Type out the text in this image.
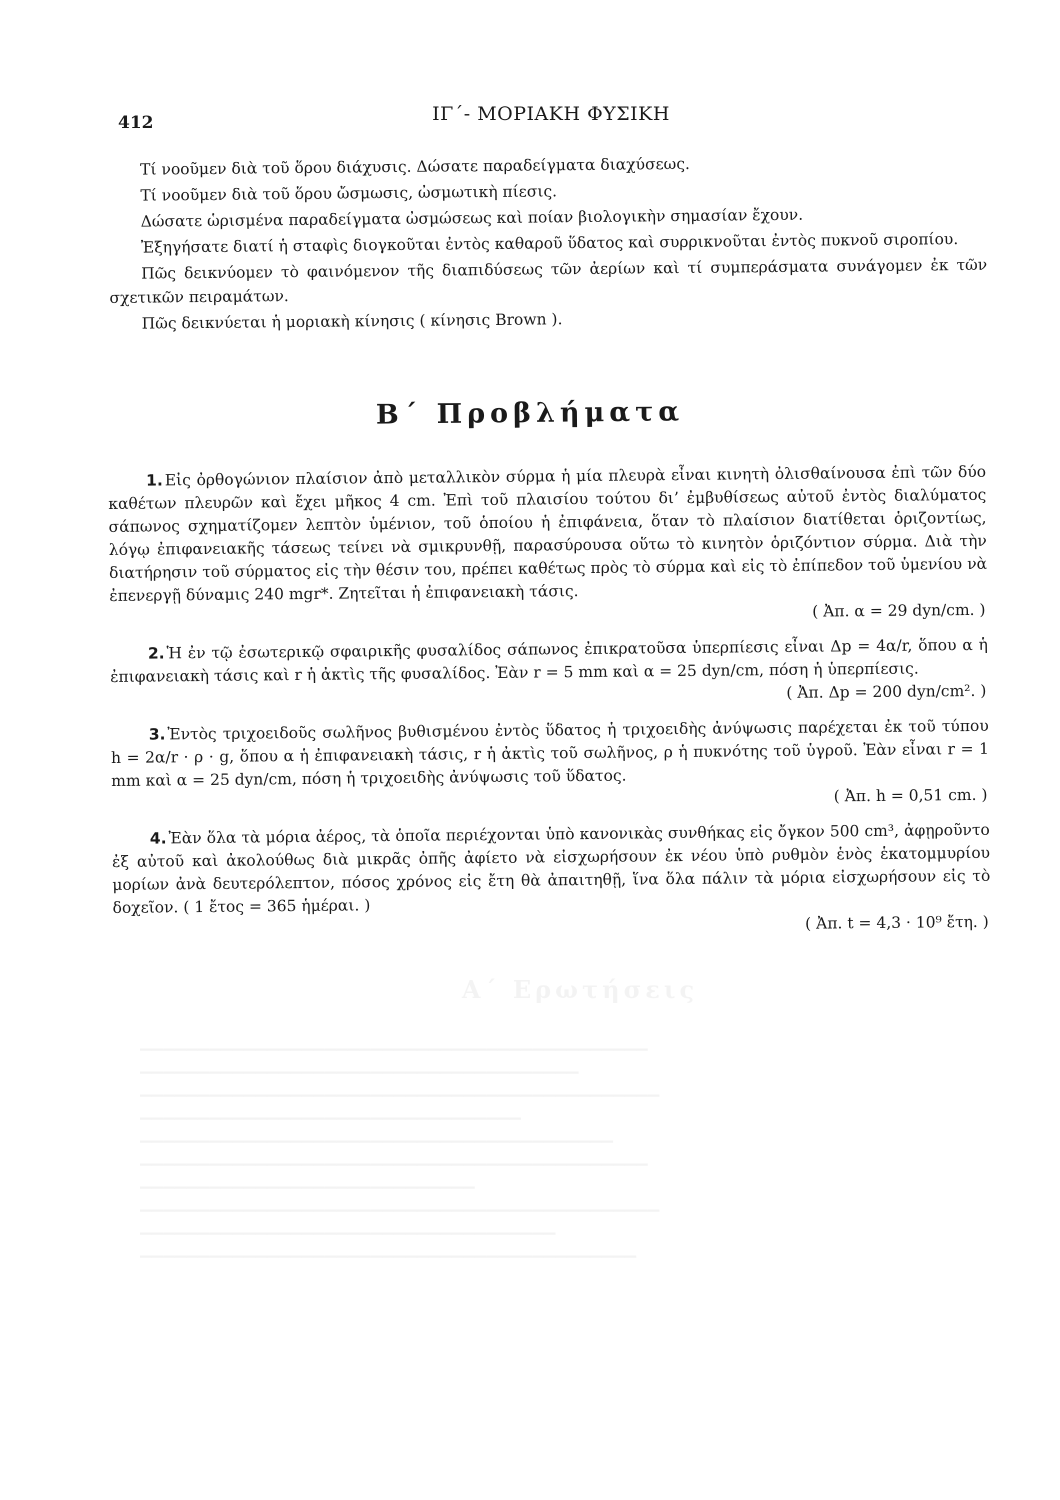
412	ΙΓ΄- ΜΟΡΙΑΚΗ ΦΥΣΙΚΗ

Τί νοοῦμεν διὰ τοῦ ὅρου διάχυσις. Δώσατε παραδείγματα διαχύσεως.

Τί νοοῦμεν διὰ τοῦ ὅρου ὤσμωσις, ὠσμωτικὴ πίεσις.

Δώσατε ὡρισμένα παραδείγματα ὠσμώσεως καὶ ποίαν βιολογικὴν σημασίαν ἔχουν.

Ἐξηγήσατε διατί ἡ σταφὶς διογκοῦται ἐντὸς καθαροῦ ὕδατος καὶ συρρικνοῦται ἐντὸς πυκνοῦ σιροπίου.

Πῶς δεικνύομεν τὸ φαινόμενον τῆς διαπιδύσεως τῶν ἀερίων καὶ τί συμπεράσματα συνάγομεν ἐκ τῶν σχετικῶν πειραμάτων.

Πῶς δεικνύεται ἡ μοριακὴ κίνησις ( κίνησις Brown ).

Β΄ Προβλήματα
1. Εἰς ὀρθογώνιον πλαίσιον ἀπὸ μεταλλικὸν σύρμα ἡ μία πλευρὰ εἶναι κινητὴ ὀλισθαίνουσα ἐπὶ τῶν δύο καθέτων πλευρῶν καὶ ἔχει μῆκος 4 cm. Ἐπὶ τοῦ πλαισίου τούτου δι’ ἐμβυθίσεως αὐτοῦ ἐντὸς διαλύματος σάπωνος σχηματίζομεν λεπτὸν ὑμένιον, τοῦ ὁποίου ἡ ἐπιφάνεια, ὅταν τὸ πλαίσιον διατίθεται ὁριζοντίως, λόγῳ ἐπιφανειακῆς τάσεως τείνει νὰ σμικρυνθῇ, παρασύρουσα οὕτω τὸ κινητὸν ὁριζόντιον σύρμα. Διὰ τὴν διατήρησιν τοῦ σύρματος εἰς τὴν θέσιν του, πρέπει καθέτως πρὸς τὸ σύρμα καὶ εἰς τὸ ἐπίπεδον τοῦ ὑμενίου νὰ ἐπενεργῇ δύναμις 240 mgr*. Ζητεῖται ἡ ἐπιφανειακὴ τάσις.
( Ἀπ. α = 29 dyn/cm. )
2. Ἡ ἐν τῷ ἐσωτερικῷ σφαιρικῆς φυσαλίδος σάπωνος ἐπικρατοῦσα ὑπερπίεσις εἶναι Δp = 4α/r, ὅπου α ἡ ἐπιφανειακὴ τάσις καὶ r ἡ ἀκτὶς τῆς φυσαλίδος. Ἐὰν r = 5 mm καὶ α = 25 dyn/cm, πόση ἡ ὑπερπίεσις.
( Ἀπ. Δp = 200 dyn/cm². )
3. Ἐντὸς τριχοειδοῦς σωλῆνος βυθισμένου ἐντὸς ὕδατος ἡ τριχοειδὴς ἀνύψωσις παρέχεται ἐκ τοῦ τύπου h = 2α/r · ρ · g, ὅπου α ἡ ἐπιφανειακὴ τάσις, r ἡ ἀκτὶς τοῦ σωλῆνος, ρ ἡ πυκνότης τοῦ ὑγροῦ. Ἐὰν εἶναι r = 1 mm καὶ α = 25 dyn/cm, πόση ἡ τριχοειδὴς ἀνύψωσις τοῦ ὕδατος.
( Ἀπ. h = 0,51 cm. )
4. Ἐὰν ὅλα τὰ μόρια ἀέρος, τὰ ὁποῖα περιέχονται ὑπὸ κανονικὰς συνθήκας εἰς ὄγκον 500 cm³, ἀφῃροῦντο ἐξ αὐτοῦ καὶ ἀκολούθως διὰ μικρᾶς ὀπῆς ἀφίετο νὰ εἰσχωρήσουν ἐκ νέου ὑπὸ ρυθμὸν ἑνὸς ἑκατομμυρίου μορίων ἀνὰ δευτερόλεπτον, πόσος χρόνος εἰς ἔτη θὰ ἀπαιτηθῇ, ἵνα ὅλα πάλιν τὰ μόρια εἰσχωρήσουν εἰς τὸ δοχεῖον. ( 1 ἔτος = 365 ἡμέραι. )
( Ἀπ. t = 4,3 · 10⁹ ἔτη. )
